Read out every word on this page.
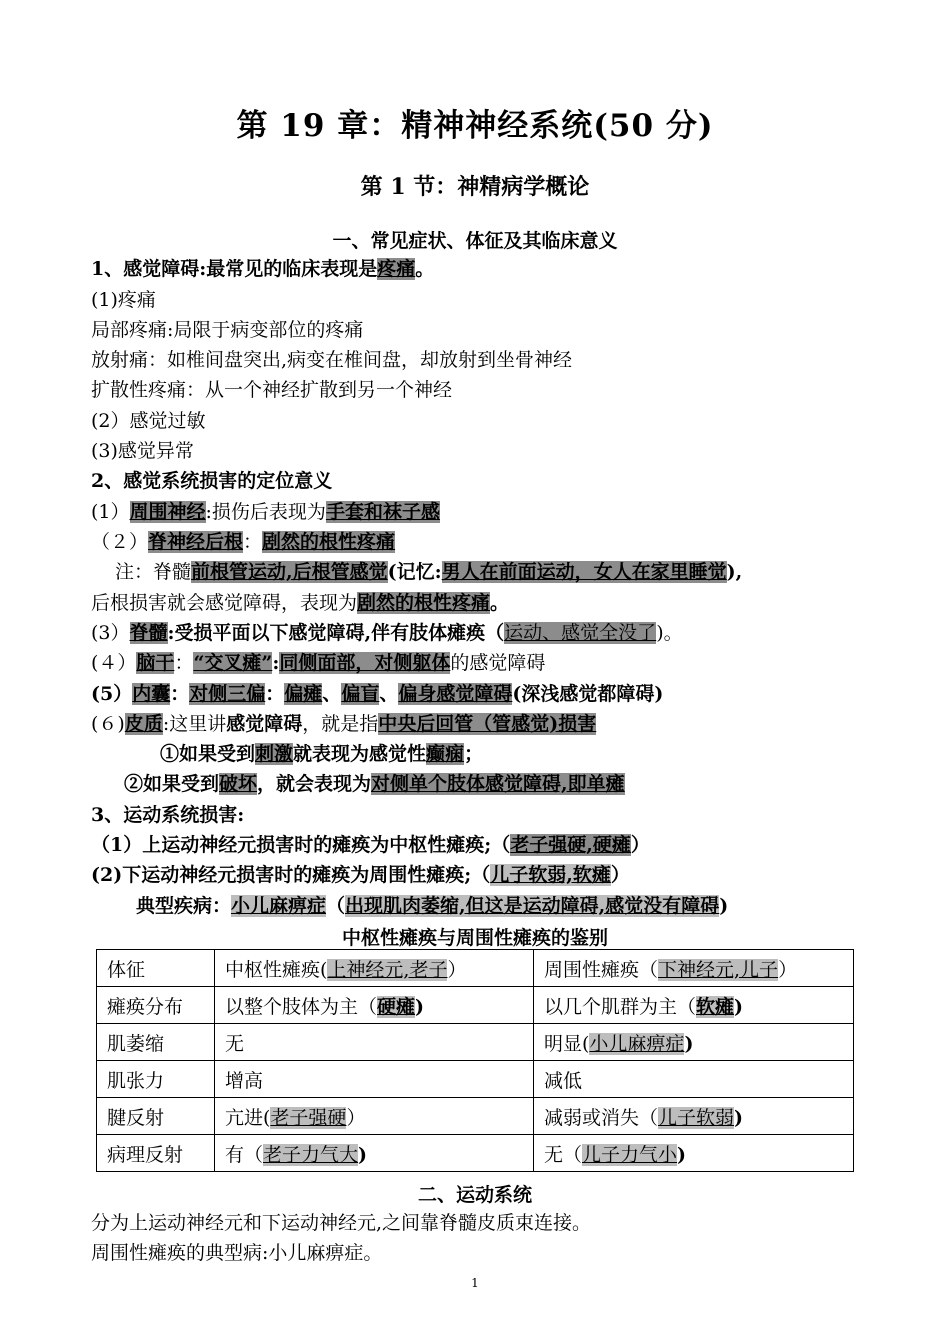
第 19 章：精神神经系统(50 分)
第 1 节：神精病学概论
一、常见症状、体征及其临床意义
1、感觉障碍:最常见的临床表现是疼痛。
(1)疼痛
局部疼痛:局限于病变部位的疼痛
放射痛：如椎间盘突出,病变在椎间盘，却放射到坐骨神经
扩散性疼痛：从一个神经扩散到另一个神经
(2）感觉过敏
(3)感觉异常
2、感觉系统损害的定位意义
(1）周围神经:损伤后表现为手套和袜子感
（２）脊神经后根：剧然的根性疼痛
注：脊髓前根管运动,后根管感觉(记忆:男人在前面运动，女人在家里睡觉),
后根损害就会感觉障碍，表现为剧然的根性疼痛。
(3）脊髓:受损平面以下感觉障碍,伴有肢体瘫痪（运动、感觉全没了)。
(４）脑干：“交叉瘫”:同侧面部，对侧躯体的感觉障碍
(5）内囊：对侧三偏：偏瘫、偏盲、偏身感觉障碍(深浅感觉都障碍)
(６)皮质:这里讲感觉障碍，就是指中央后回管（管感觉)损害
①如果受到刺激就表现为感觉性癫痫；
②如果受到破坏，就会表现为对侧单个肢体感觉障碍,即单瘫
3、运动系统损害:
（1）上运动神经元损害时的瘫痪为中枢性瘫痪;（老子强硬,硬瘫）
(2)下运动神经元损害时的瘫痪为周围性瘫痪;（儿子软弱,软瘫）
典型疾病：小儿麻痹症（出现肌肉萎缩,但这是运动障碍,感觉没有障碍)
中枢性瘫痪与周围性瘫痪的鉴别
体征	中枢性瘫痪(上神经元,老子）	周围性瘫痪（下神经元,儿子）
瘫痪分布	以整个肢体为主（硬瘫)	以几个肌群为主（软瘫)
肌萎缩	无	明显(小儿麻痹症)
肌张力	增高	减低
腱反射	亢进(老子强硬）	减弱或消失（儿子软弱)
病理反射	有（老子力气大)	无（儿子力气小)
二、运动系统
分为上运动神经元和下运动神经元,之间靠脊髓皮质束连接。
周围性瘫痪的典型病:小儿麻痹症。
1
